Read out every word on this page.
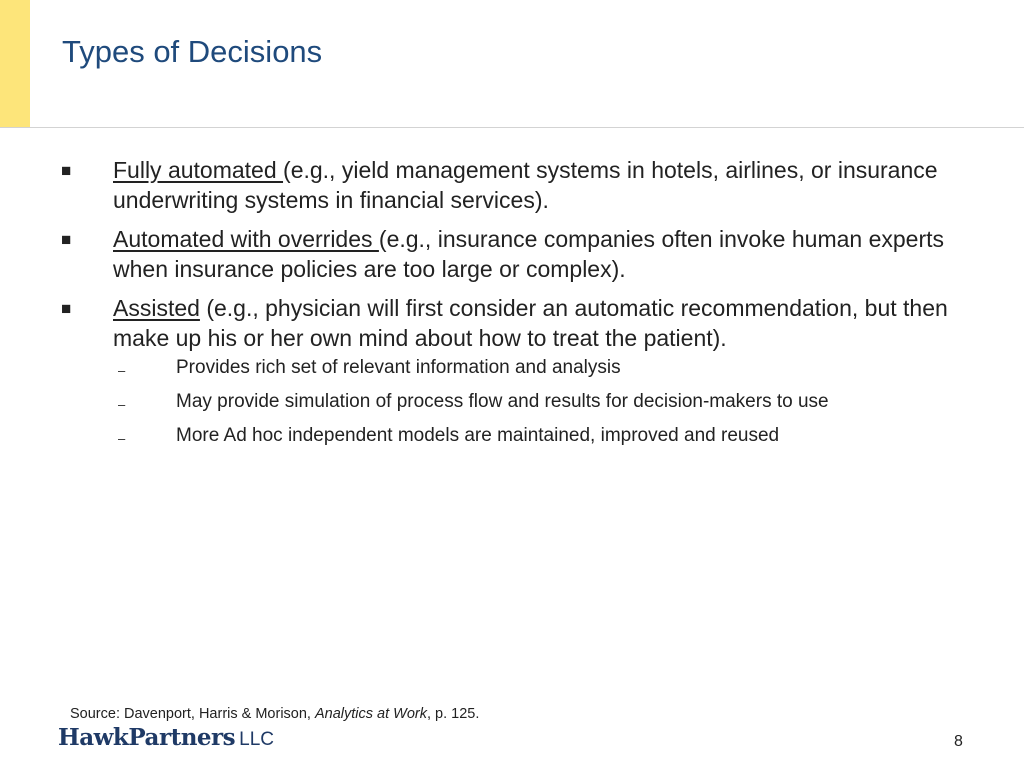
Types of Decisions
■ Fully automated (e.g., yield management systems in hotels, airlines, or insurance underwriting systems in financial services).
■ Automated with overrides (e.g., insurance companies often invoke human experts when insurance policies are too large or complex).
■ Assisted (e.g., physician will first consider an automatic recommendation, but then make up his or her own mind about how to treat the patient).
–	Provides rich set of relevant information and analysis
–	May provide simulation of process flow and results for decision-makers to use
–	More Ad hoc independent models are maintained, improved and reused
Source: Davenport, Harris & Morison, Analytics at Work, p. 125.
HawkPartners LLC	8
